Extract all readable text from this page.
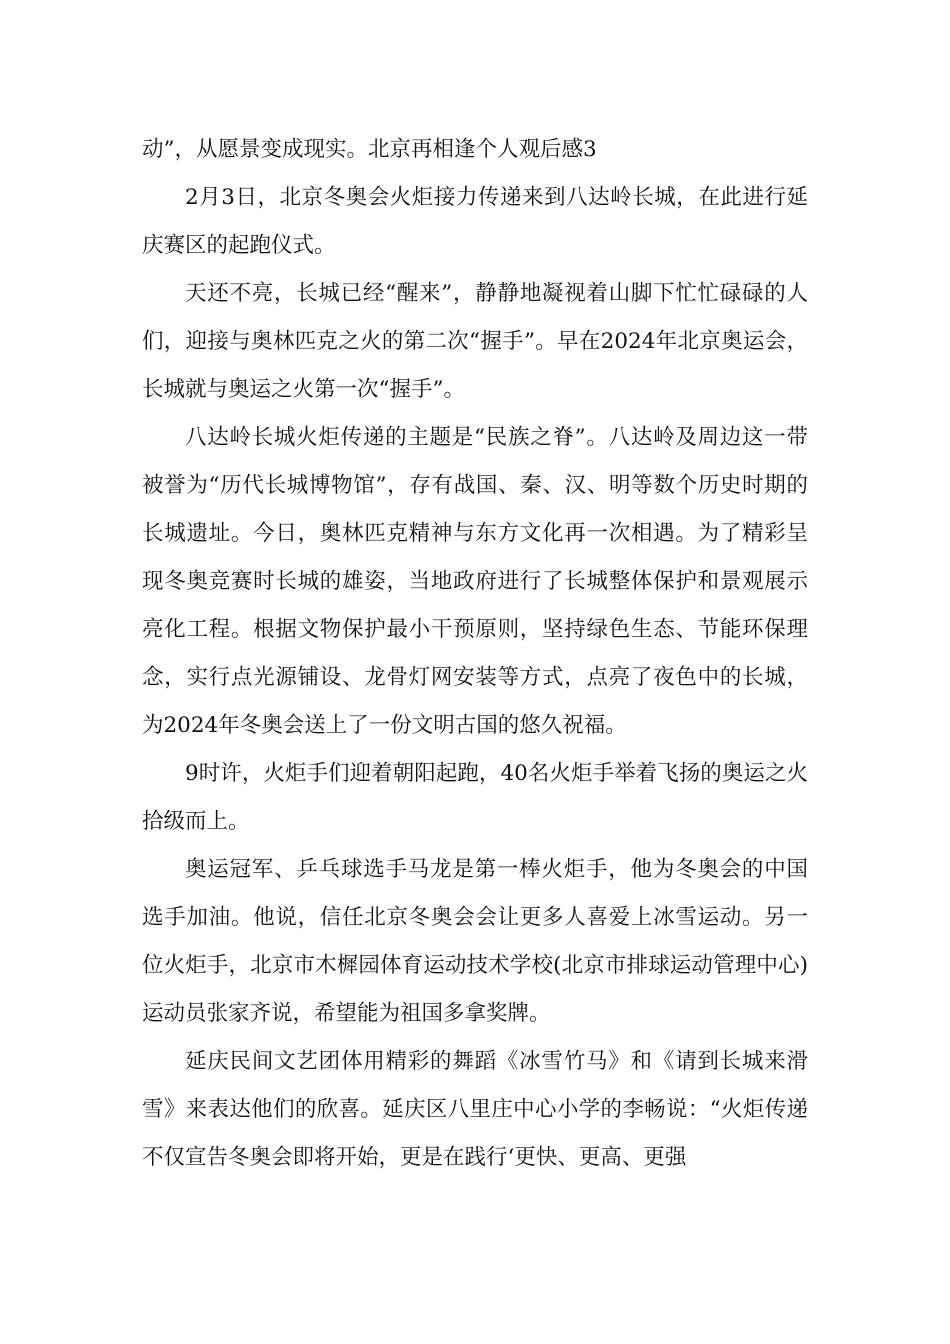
动”，从愿景变成现实。北京再相逢个人观后感3

2月3日，北京冬奥会火炬接力传递来到八达岭长城，在此进行延庆赛区的起跑仪式。

天还不亮，长城已经“醒来”，静静地凝视着山脚下忙忙碌碌的人们，迎接与奥林匹克之火的第二次“握手”。早在2024年北京奥运会，长城就与奥运之火第一次“握手”。

八达岭长城火炬传递的主题是“民族之脊”。八达岭及周边这一带被誉为“历代长城博物馆”，存有战国、秦、汉、明等数个历史时期的长城遗址。今日，奥林匹克精神与东方文化再一次相遇。为了精彩呈现冬奥竞赛时长城的雄姿，当地政府进行了长城整体保护和景观展示亮化工程。根据文物保护最小干预原则，坚持绿色生态、节能环保理念，实行点光源铺设、龙骨灯网安装等方式，点亮了夜色中的长城，为2024年冬奥会送上了一份文明古国的悠久祝福。

9时许，火炬手们迎着朝阳起跑，40名火炬手举着飞扬的奥运之火拾级而上。

奥运冠军、乒乓球选手马龙是第一棒火炬手，他为冬奥会的中国选手加油。他说，信任北京冬奥会会让更多人喜爱上冰雪运动。另一位火炬手，北京市木樨园体育运动技术学校(北京市排球运动管理中心)运动员张家齐说，希望能为祖国多拿奖牌。

延庆民间文艺团体用精彩的舞蹈《冰雪竹马》和《请到长城来滑雪》来表达他们的欣喜。延庆区八里庄中心小学的李畅说：“火炬传递不仅宣告冬奥会即将开始，更是在践行‘更快、更高、更强
